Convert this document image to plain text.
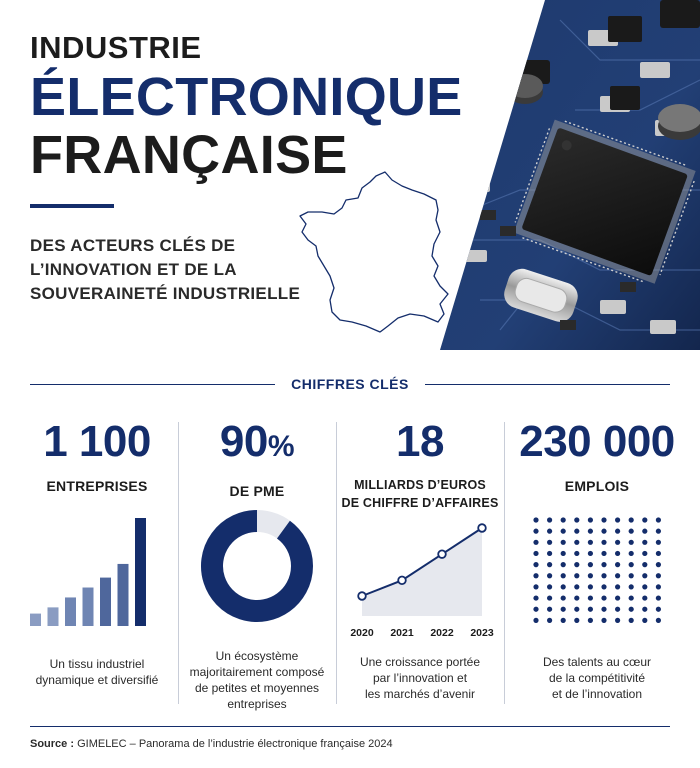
INDUSTRIE
ÉLECTRONIQUE
FRANÇAISE
DES ACTEURS CLÉS DE L’INNOVATION ET DE LA SOUVERAINETÉ INDUSTRIELLE
CHIFFRES CLÉS
1 100
ENTREPRISES
Un tissu industriel
dynamique et diversifié
90%
DE PME
Un écosystème
majoritairement composé
de petites et moyennes
entreprises
18
MILLIARDS D’EUROS
DE CHIFFRE D’AFFAIRES
2020 2021 2022 2023
Une croissance portée
par l’innovation et
les marchés d’avenir
230 000
EMPLOIS
Des talents au cœur
de la compétitivité
et de l’innovation
Source : GIMELEC – Panorama de l’industrie électronique française 2024
